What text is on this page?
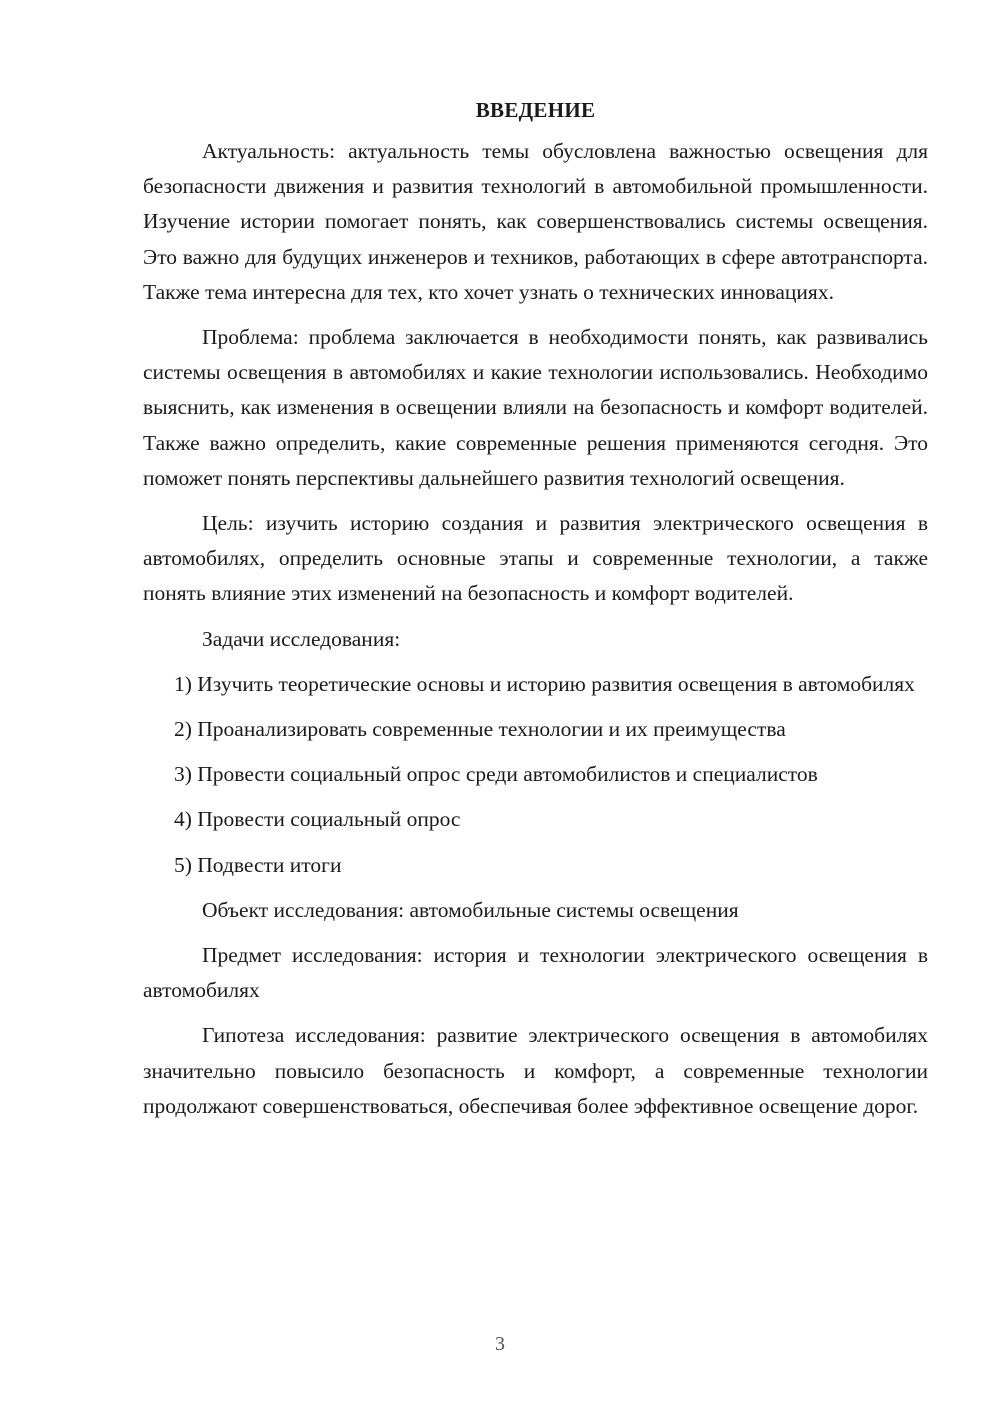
ВВЕДЕНИЕ

Актуальность: актуальность темы обусловлена важностью освещения для безопасности движения и развития технологий в автомобильной промышленности. Изучение истории помогает понять, как совершенствовались системы освещения. Это важно для будущих инженеров и техников, работающих в сфере автотранспорта. Также тема интересна для тех, кто хочет узнать о технических инновациях.

Проблема: проблема заключается в необходимости понять, как развивались системы освещения в автомобилях и какие технологии использовались. Необходимо выяснить, как изменения в освещении влияли на безопасность и комфорт водителей. Также важно определить, какие современные решения применяются сегодня. Это поможет понять перспективы дальнейшего развития технологий освещения.

Цель: изучить историю создания и развития электрического освещения в автомобилях, определить основные этапы и современные технологии, а также понять влияние этих изменений на безопасность и комфорт водителей.

Задачи исследования:

1) Изучить теоретические основы и историю развития освещения в автомобилях

2) Проанализировать современные технологии и их преимущества

3) Провести социальный опрос среди автомобилистов и специалистов

4) Провести социальный опрос

5) Подвести итоги

Объект исследования: автомобильные системы освещения

Предмет исследования: история и технологии электрического освещения в автомобилях

Гипотеза исследования: развитие электрического освещения в автомобилях значительно повысило безопасность и комфорт, а современные технологии продолжают совершенствоваться, обеспечивая более эффективное освещение дорог.

3
